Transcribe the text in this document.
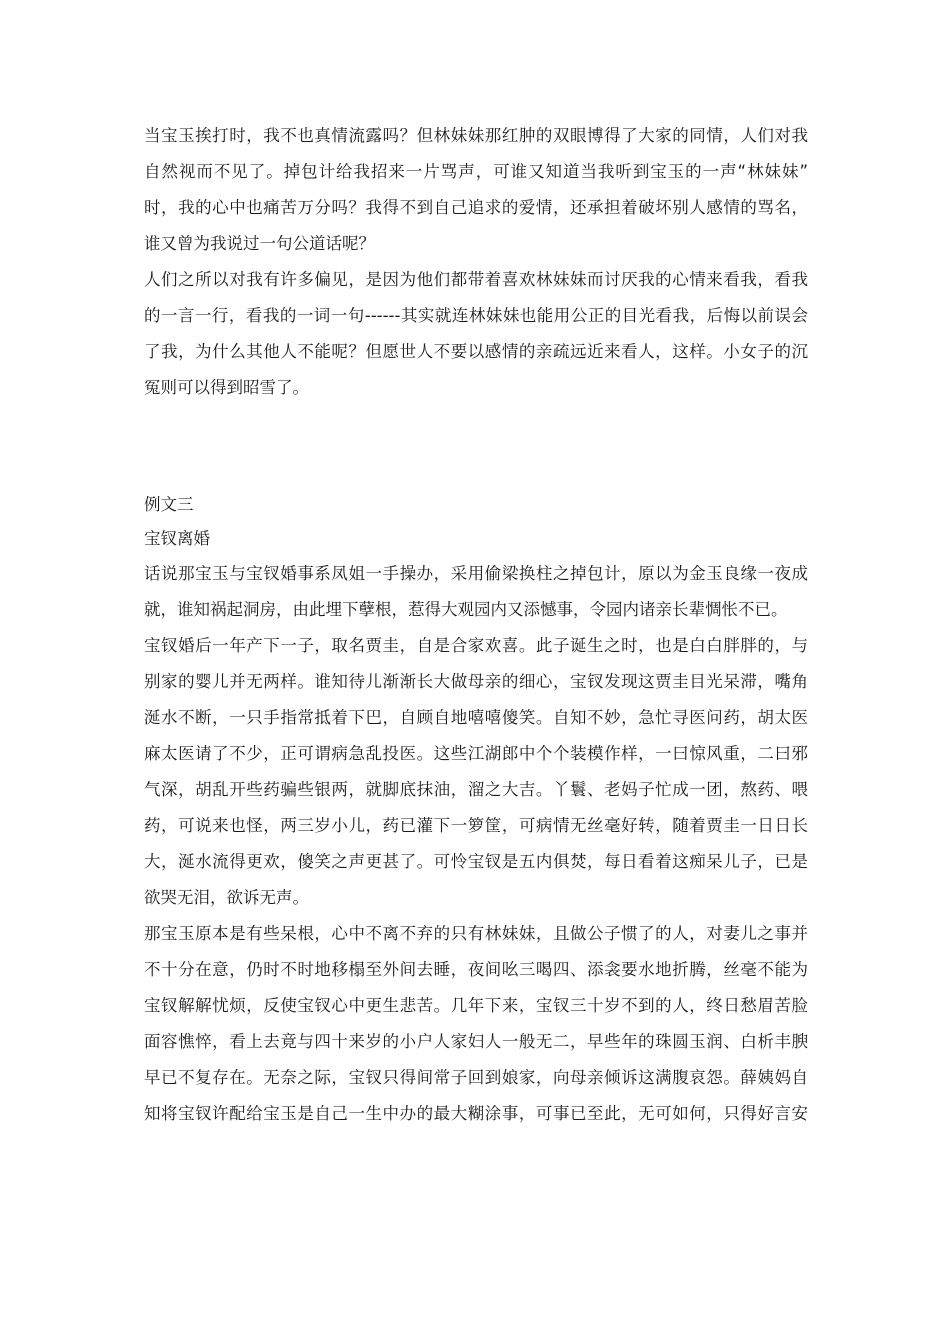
当宝玉挨打时，我不也真情流露吗？但林妹妹那红肿的双眼博得了大家的同情，人们对我
自然视而不见了。掉包计给我招来一片骂声，可谁又知道当我听到宝玉的一声“林妹妹”
时，我的心中也痛苦万分吗？我得不到自己追求的爱情，还承担着破坏别人感情的骂名，
谁又曾为我说过一句公道话呢？
人们之所以对我有许多偏见，是因为他们都带着喜欢林妹妹而讨厌我的心情来看我，看我
的一言一行，看我的一词一句------其实就连林妹妹也能用公正的目光看我，后悔以前误会
了我，为什么其他人不能呢？但愿世人不要以感情的亲疏远近来看人，这样。小女子的沉
冤则可以得到昭雪了。
例文三
宝钗离婚
话说那宝玉与宝钗婚事系凤姐一手操办，采用偷梁换柱之掉包计，原以为金玉良缘一夜成
就，谁知祸起洞房，由此埋下孽根，惹得大观园内又添憾事，令园内诸亲长辈惆怅不已。
宝钗婚后一年产下一子，取名贾圭，自是合家欢喜。此子诞生之时，也是白白胖胖的，与
别家的婴儿并无两样。谁知待儿渐渐长大做母亲的细心，宝钗发现这贾圭目光呆滞，嘴角
涎水不断，一只手指常抵着下巴，自顾自地嘻嘻傻笑。自知不妙，急忙寻医问药，胡太医
麻太医请了不少，正可谓病急乱投医。这些江湖郎中个个装模作样，一曰惊风重，二曰邪
气深，胡乱开些药骗些银两，就脚底抹油，溜之大吉。丫鬟、老妈子忙成一团，熬药、喂
药，可说来也怪，两三岁小儿，药已灌下一箩筐，可病情无丝毫好转，随着贾圭一日日长
大，涎水流得更欢，傻笑之声更甚了。可怜宝钗是五内俱焚，每日看着这痴呆儿子，已是
欲哭无泪，欲诉无声。
那宝玉原本是有些呆根，心中不离不弃的只有林妹妹，且做公子惯了的人，对妻儿之事并
不十分在意，仍时不时地移榻至外间去睡，夜间吆三喝四、添衾要水地折腾，丝毫不能为
宝钗解解忧烦，反使宝钗心中更生悲苦。几年下来，宝钗三十岁不到的人，终日愁眉苦脸
面容憔悴，看上去竟与四十来岁的小户人家妇人一般无二，早些年的珠圆玉润、白析丰腴
早已不复存在。无奈之际，宝钗只得间常子回到娘家，向母亲倾诉这满腹哀怨。薛姨妈自
知将宝钗许配给宝玉是自己一生中办的最大糊涂事，可事已至此，无可如何，只得好言安
